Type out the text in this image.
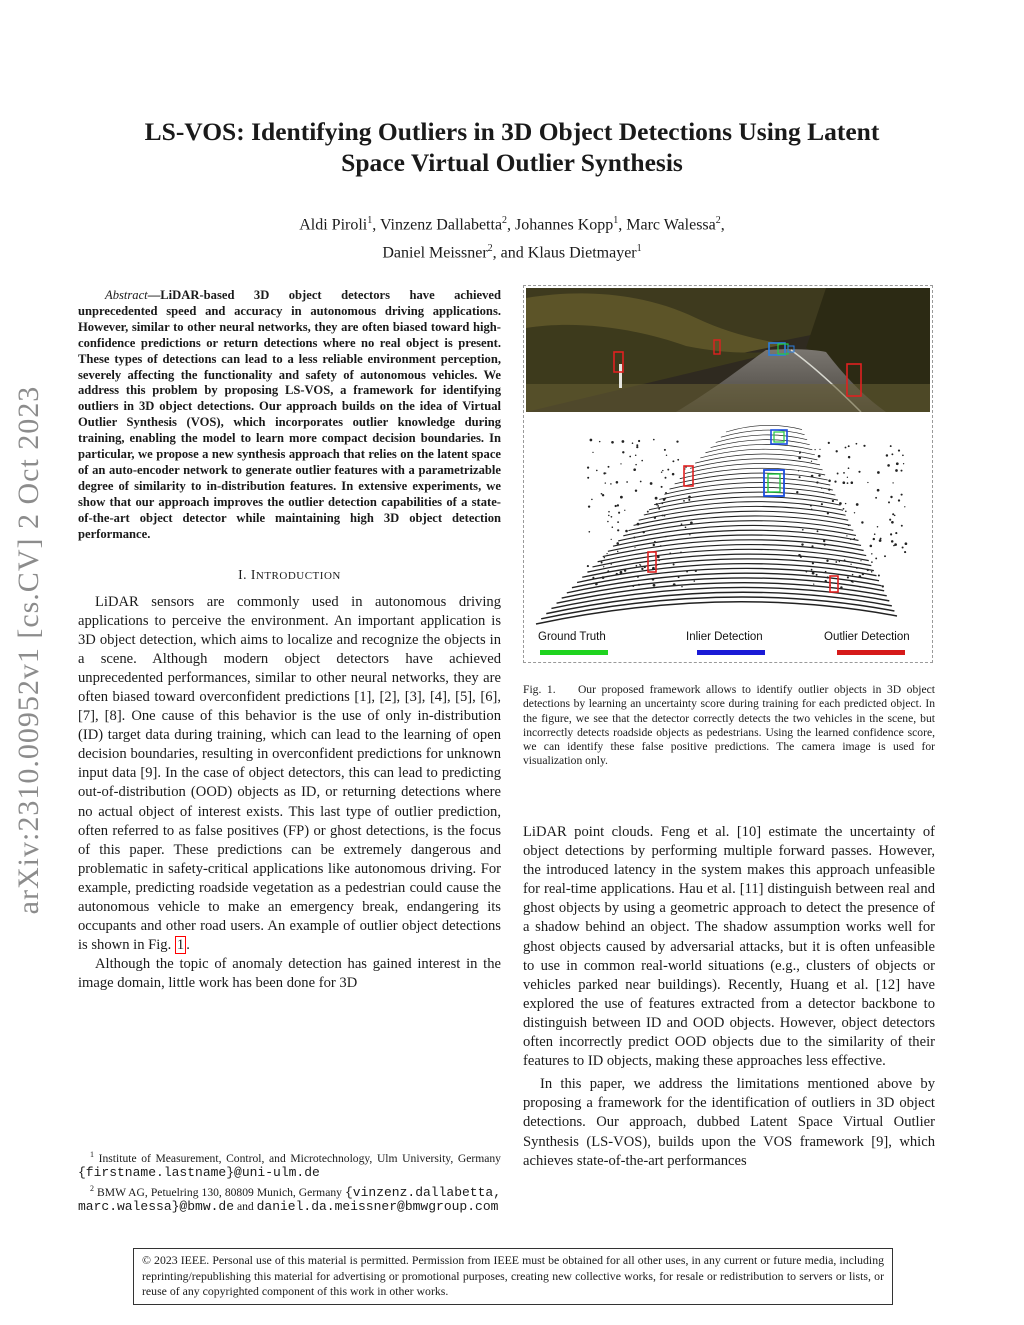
arXiv:2310.00952v1 [cs.CV] 2 Oct 2023
LS-VOS: Identifying Outliers in 3D Object Detections Using Latent
Space Virtual Outlier Synthesis
Aldi Piroli$^1$, Vinzenz Dallabetta$^2$, Johannes Kopp$^1$, Marc Walessa$^2$,
Daniel Meissner$^2$, and Klaus Dietmayer$^1$

Abstract—LiDAR-based 3D object detectors have achieved unprecedented speed and accuracy in autonomous driving applications. However, similar to other neural networks, they are often biased toward high-confidence predictions or return detections where no real object is present. These types of detections can lead to a less reliable environment perception, severely affecting the functionality and safety of autonomous vehicles. We address this problem by proposing LS-VOS, a framework for identifying outliers in 3D object detections. Our approach builds on the idea of Virtual Outlier Synthesis (VOS), which incorporates outlier knowledge during training, enabling the model to learn more compact decision boundaries. In particular, we propose a new synthesis approach that relies on the latent space of an auto-encoder network to generate outlier features with a parametrizable degree of similarity to in-distribution features. In extensive experiments, we show that our approach improves the outlier detection capabilities of a state-of-the-art object detector while maintaining high 3D object detection performance.

I. INTRODUCTION

LiDAR sensors are commonly used in autonomous driving applications to perceive the environment. An important application is 3D object detection, which aims to localize and recognize the objects in a scene. Although modern object detectors have achieved unprecedented performances, similar to other neural networks, they are often biased toward overconfident predictions [1], [2], [3], [4], [5], [6], [7], [8]. One cause of this behavior is the use of only in-distribution (ID) target data during training, which can lead to the learning of open decision boundaries, resulting in overconfident predictions for unknown input data [9]. In the case of object detectors, this can lead to predicting out-of-distribution (OOD) objects as ID, or returning detections where no actual object of interest exists. This last type of outlier prediction, often referred to as false positives (FP) or ghost detections, is the focus of this paper. These predictions can be extremely dangerous and problematic in safety-critical applications like autonomous driving. For example, predicting roadside vegetation as a pedestrian could cause the autonomous vehicle to make an emergency break, endangering its occupants and other road users. An example of outlier object detections is shown in Fig. 1 .

Although the topic of anomaly detection has gained interest in the image domain, little work has been done for 3D

$^1$ Institute of Measurement, Control, and Microtechnology, Ulm University, Germany {firstname.lastname}@uni-ulm.de

$^2$ BMW AG, Petuelring 130, 80809 Munich, Germany {vinzenz.dallabetta, marc.walessa}@bmw.de and daniel.da.meissner@bmwgroup.com

Ground Truth	Inlier Detection	Outlier Detection

Fig. 1. Our proposed framework allows to identify outlier objects in 3D object detections by learning an uncertainty score during training for each predicted object. In the figure, we see that the detector correctly detects the two vehicles in the scene, but incorrectly detects roadside objects as pedestrians. Using the learned confidence score, we can identify these false positive predictions. The camera image is used for visualization only.

LiDAR point clouds. Feng et al. [10] estimate the uncertainty of object detections by performing multiple forward passes. However, the introduced latency in the system makes this approach unfeasible for real-time applications. Hau et al. [11] distinguish between real and ghost objects by using a geometric approach to detect the presence of a shadow behind an object. The shadow assumption works well for ghost objects caused by adversarial attacks, but it is often unfeasible to use in common real-world situations (e.g., clusters of objects or vehicles parked near buildings). Recently, Huang et al. [12] have explored the use of features extracted from a detector backbone to distinguish between ID and OOD objects. However, object detectors often incorrectly predict OOD objects due to the similarity of their features to ID objects, making these approaches less effective.

In this paper, we address the limitations mentioned above by proposing a framework for the identification of outliers in 3D object detections. Our approach, dubbed Latent Space Virtual Outlier Synthesis (LS-VOS), builds upon the VOS framework [9], which achieves state-of-the-art performances

© 2023 IEEE. Personal use of this material is permitted. Permission from IEEE must be obtained for all other uses, in any current or future media, including reprinting/republishing this material for advertising or promotional purposes, creating new collective works, for resale or redistribution to servers or lists, or reuse of any copyrighted component of this work in other works.
